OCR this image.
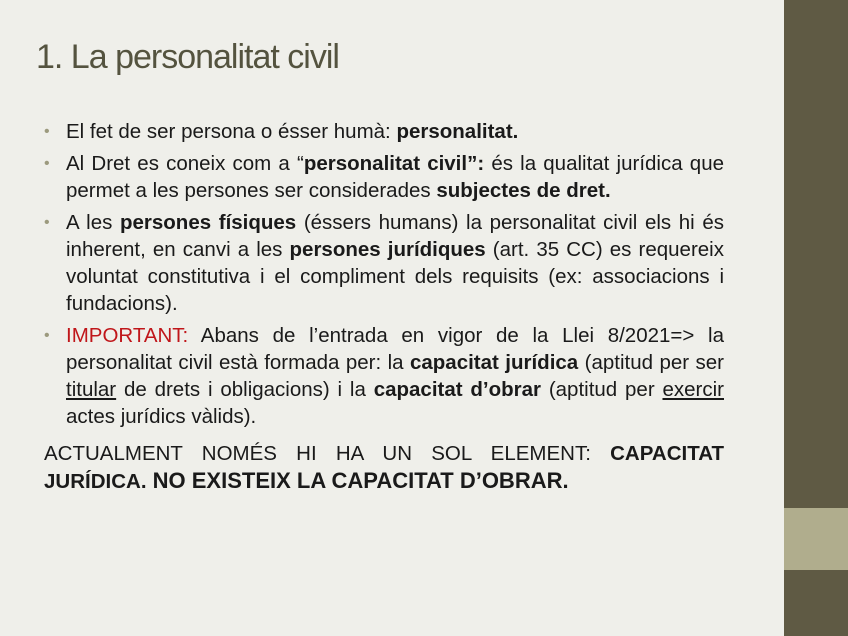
1. La personalitat civil
• El fet de ser persona o ésser humà: personalitat.
• Al Dret es coneix com a “personalitat civil”: és la qualitat jurídica que permet a les persones ser considerades subjectes de dret.
• A les persones físiques (éssers humans) la personalitat civil els hi és inherent, en canvi a les persones jurídiques (art. 35 CC) es requereix voluntat constitutiva i el compliment dels requisits (ex: associacions i fundacions).
• IMPORTANT: Abans de l’entrada en vigor de la Llei 8/2021=> la personalitat civil està formada per: la capacitat jurídica (aptitud per ser titular de drets i obligacions) i la capacitat d’obrar (aptitud per exercir actes jurídics vàlids).
ACTUALMENT NOMÉS HI HA UN SOL ELEMENT: CAPACITAT JURÍDICA. NO EXISTEIX LA CAPACITAT D’OBRAR.
